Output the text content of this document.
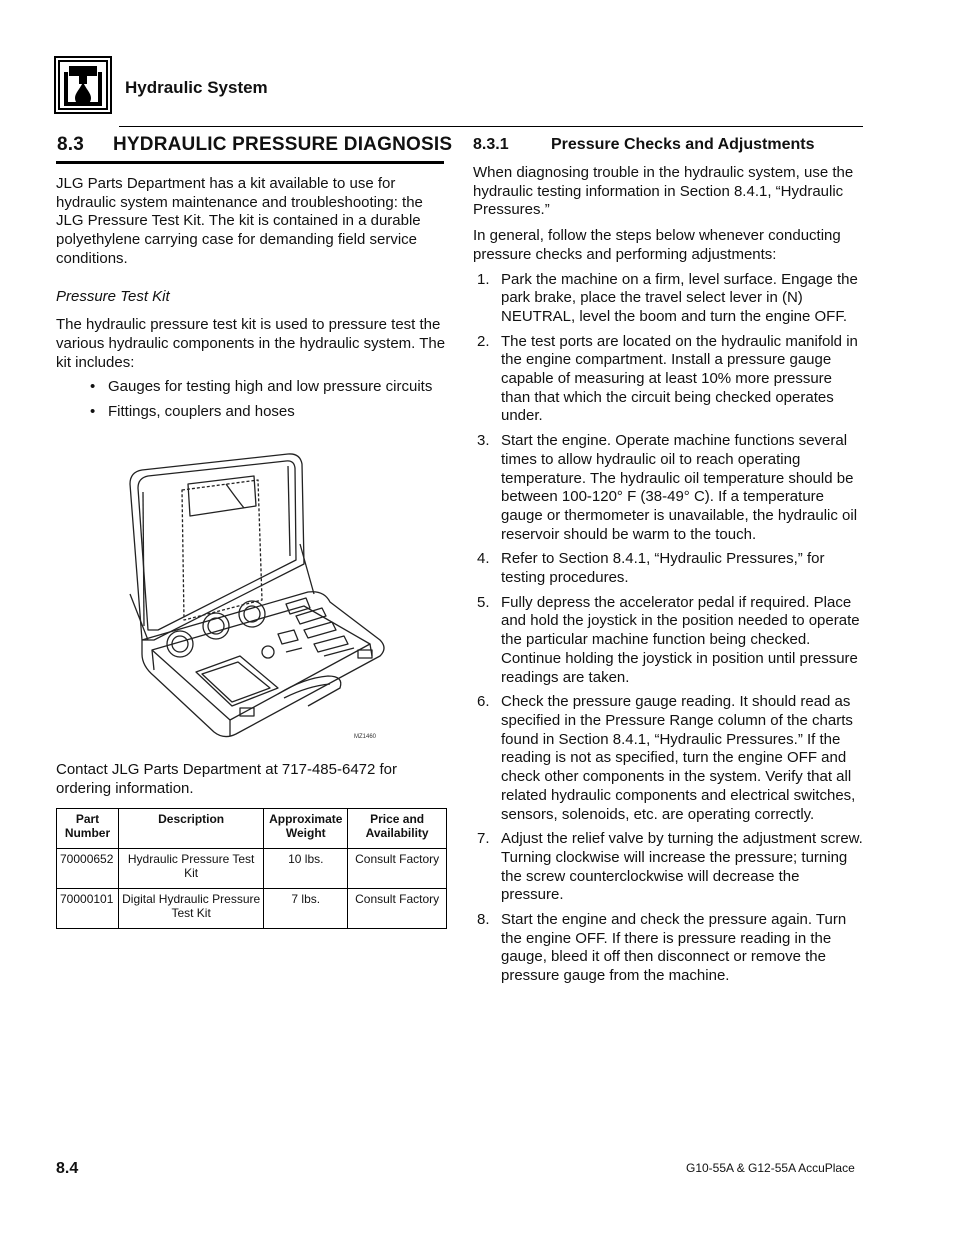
Hydraulic System
8.3 HYDRAULIC PRESSURE DIAGNOSIS

JLG Parts Department has a kit available to use for hydraulic system maintenance and troubleshooting: the JLG Pressure Test Kit. The kit is contained in a durable polyethylene carrying case for demanding field service conditions.

Pressure Test Kit

The hydraulic pressure test kit is used to pressure test the various hydraulic components in the hydraulic system. The kit includes:

• Gauges for testing high and low pressure circuits
• Fittings, couplers and hoses
MZ1460

Contact JLG Parts Department at 717-485-6472 for ordering information.

Part Number	Description	Approximate Weight	Price and Availability
70000652	Hydraulic Pressure Test Kit	10 lbs.	Consult Factory
70000101	Digital Hydraulic Pressure Test Kit	7 lbs.	Consult Factory
8.3.1	Pressure Checks and Adjustments

When diagnosing trouble in the hydraulic system, use the hydraulic testing information in Section 8.4.1, “Hydraulic Pressures.”

In general, follow the steps below whenever conducting pressure checks and performing adjustments:

1. Park the machine on a firm, level surface. Engage the park brake, place the travel select lever in (N) NEUTRAL, level the boom and turn the engine OFF.
2. The test ports are located on the hydraulic manifold in the engine compartment. Install a pressure gauge capable of measuring at least 10% more pressure than that which the circuit being checked operates under.
3. Start the engine. Operate machine functions several times to allow hydraulic oil to reach operating temperature. The hydraulic oil temperature should be between 100-120° F (38-49° C). If a temperature gauge or thermometer is unavailable, the hydraulic oil reservoir should be warm to the touch.
4. Refer to Section 8.4.1, “Hydraulic Pressures,” for testing procedures.
5. Fully depress the accelerator pedal if required. Place and hold the joystick in the position needed to operate the particular machine function being checked. Continue holding the joystick in position until pressure readings are taken.
6. Check the pressure gauge reading. It should read as specified in the Pressure Range column of the charts found in Section 8.4.1, “Hydraulic Pressures.” If the reading is not as specified, turn the engine OFF and check other components in the system. Verify that all related hydraulic components and electrical switches, sensors, solenoids, etc. are operating correctly.
7. Adjust the relief valve by turning the adjustment screw. Turning clockwise will increase the pressure; turning the screw counterclockwise will decrease the pressure.
8. Start the engine and check the pressure again. Turn the engine OFF. If there is pressure reading in the gauge, bleed it off then disconnect or remove the pressure gauge from the machine.
8.4	G10-55A & G12-55A AccuPlace
